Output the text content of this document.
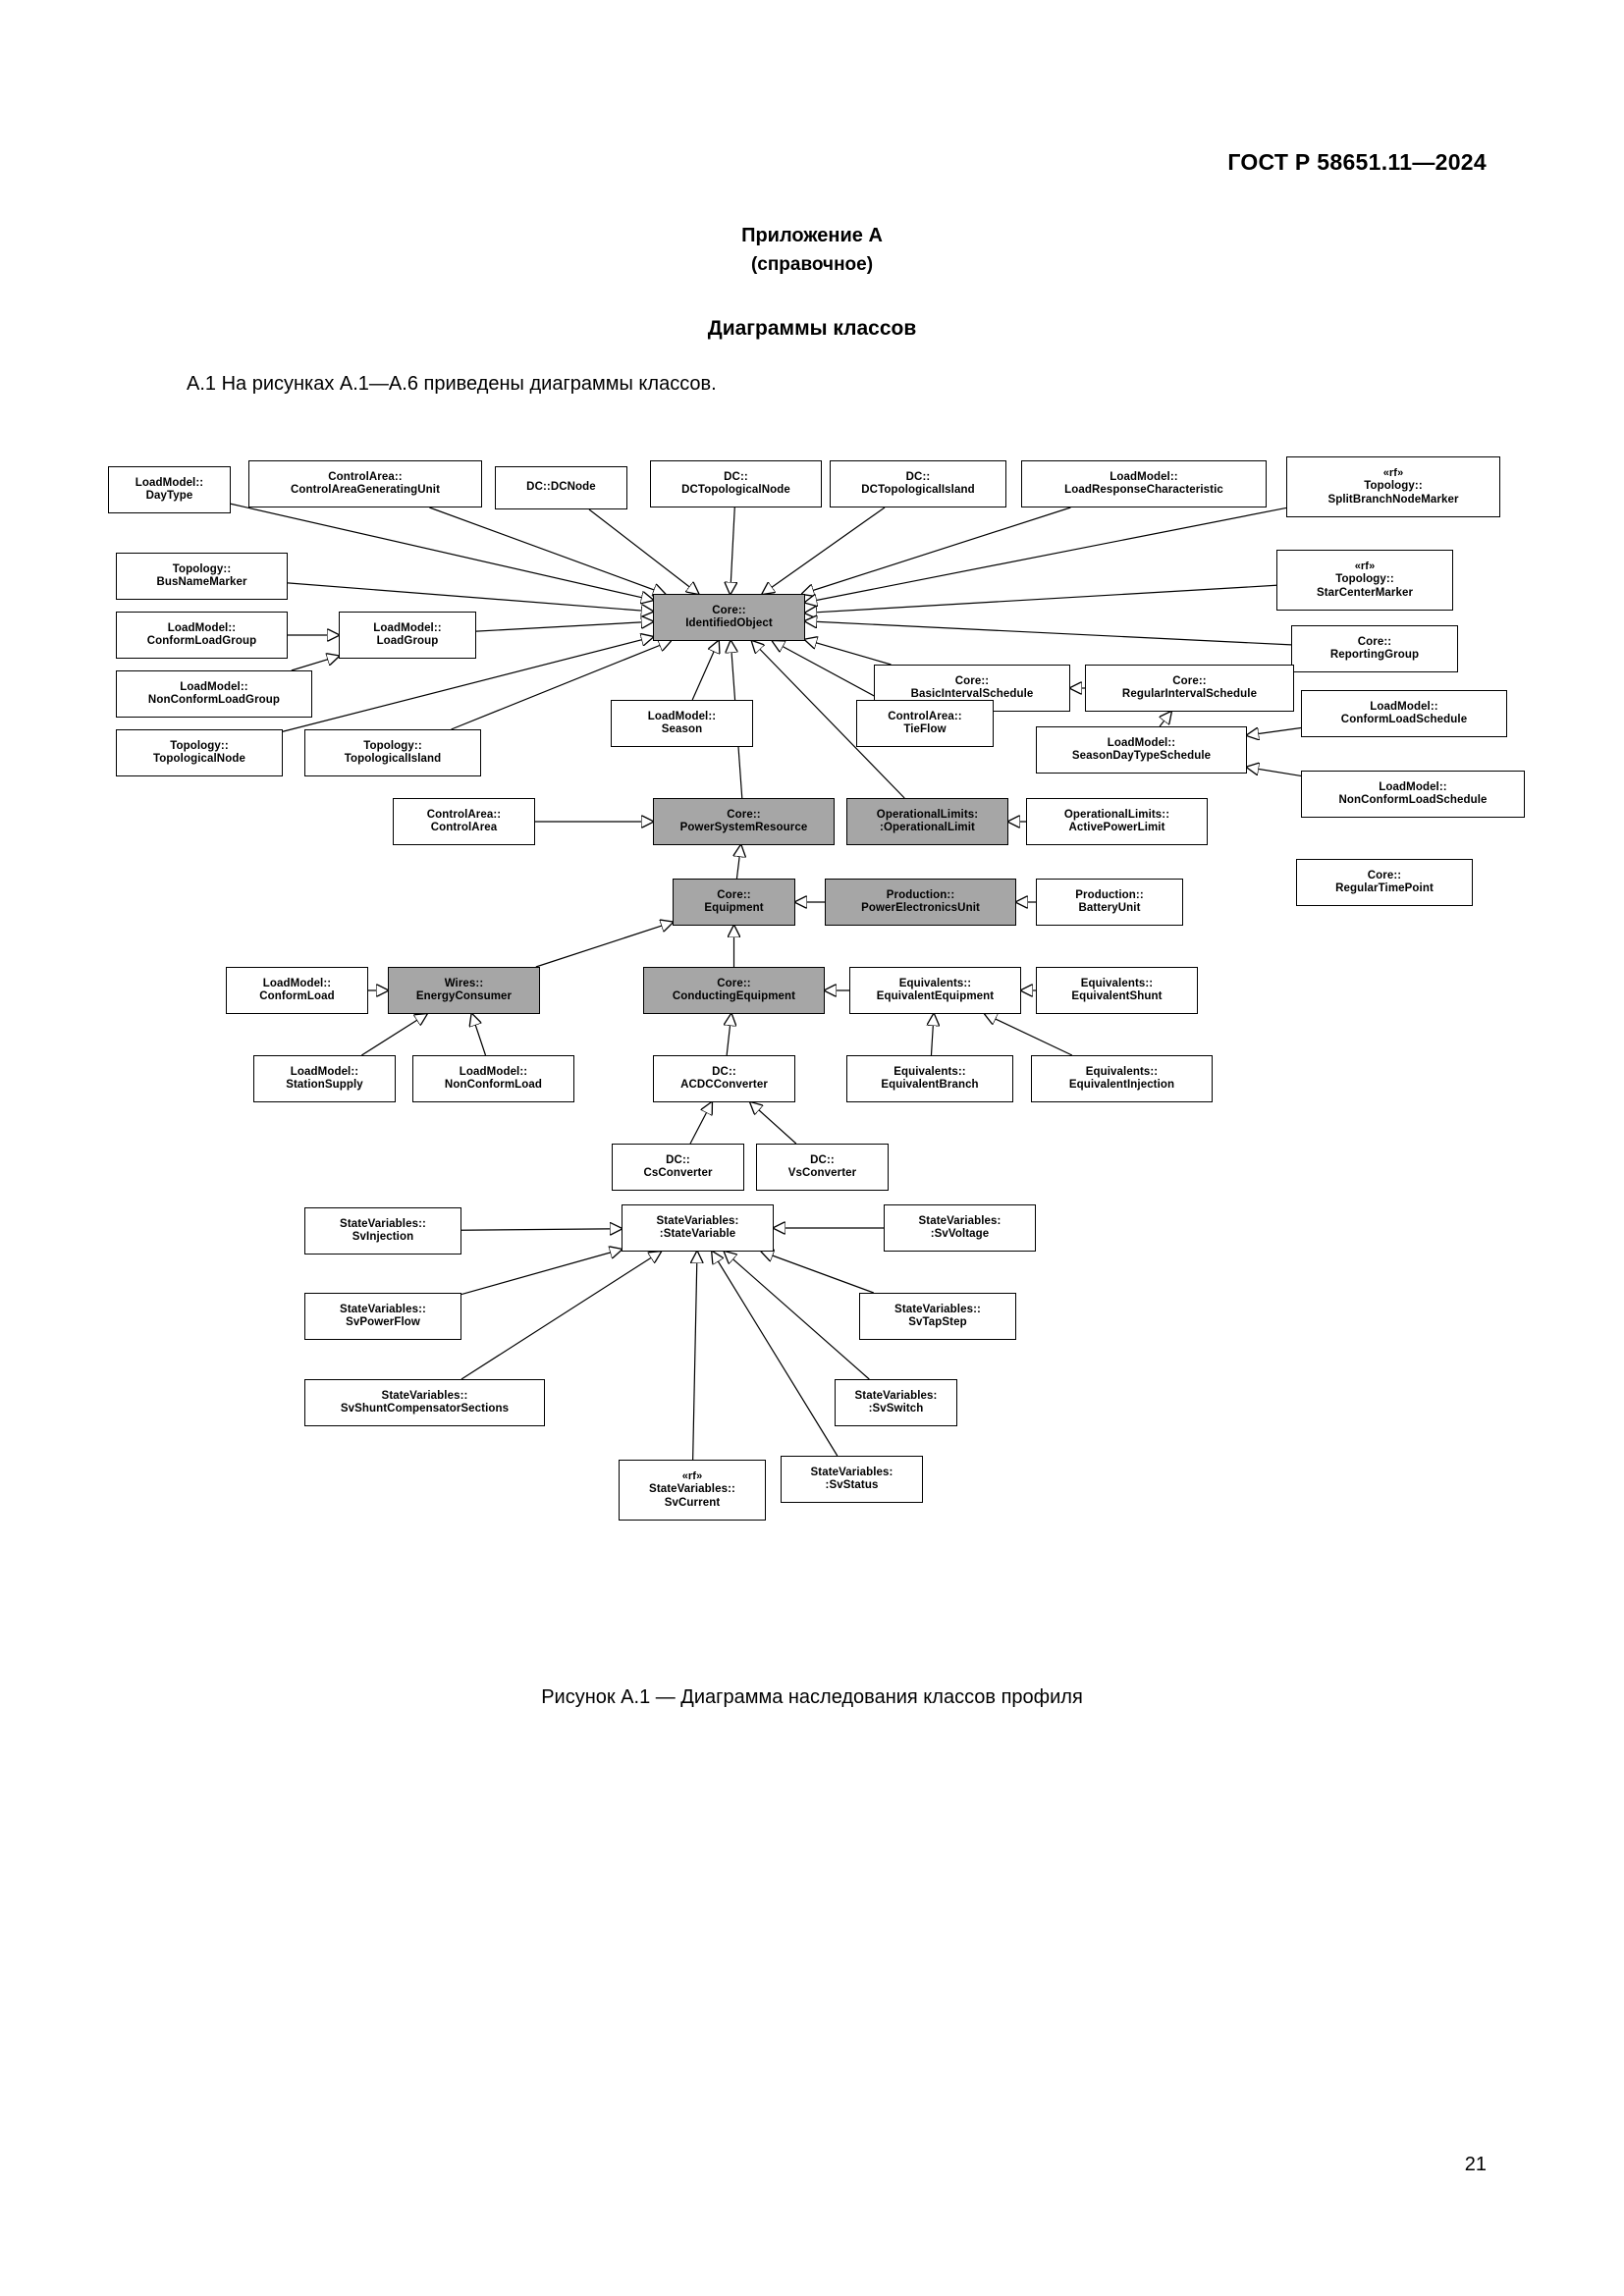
ГОСТ Р 58651.11—2024
Приложение А
(справочное)
Диаграммы классов
А.1 На рисунках А.1—А.6 приведены диаграммы классов.
LoadModel::
DayType
ControlArea::
ControlAreaGeneratingUnit	DC::DCNode
DC::
DCTopologicalNode
DC::
DCTopologicalIsland
LoadModel::
LoadResponseCharacteristic
«rf»
Topology::
SplitBranchNodeMarker
Topology::
BusNameMarker
«rf»
Topology::
StarCenterMarker
Core::
IdentifiedObject
LoadModel::
ConformLoadGroup
LoadModel::
LoadGroup	Core::
ReportingGroup
LoadModel::
NonConformLoadGroup
Core::
BasicIntervalSchedule
Core::
RegularIntervalSchedule
LoadModel::
ConformLoadSchedule
LoadModel::
Season
ControlArea::
TieFlow
LoadModel::
SeasonDayTypeSchedule
Topology::
TopologicalNode
Topology::
TopologicalIsland
LoadModel::
NonConformLoadSchedule
ControlArea::
ControlArea
Core::
PowerSystemResource
OperationalLimits:
:OperationalLimit
OperationalLimits::
ActivePowerLimit
Core::
RegularTimePoint
Core::
Equipment
Production::
PowerElectronicsUnit
Production::
BatteryUnit
LoadModel::
ConformLoad
Wires::
EnergyConsumer
Core::
ConductingEquipment
Equivalents::
EquivalentEquipment
Equivalents::
EquivalentShunt
LoadModel::
StationSupply
LoadModel::
NonConformLoad
DC::
ACDCConverter
Equivalents::
EquivalentBranch
Equivalents::
EquivalentInjection
DC::
CsConverter
DC::
VsConverter
StateVariables::
SvInjection
StateVariables:
:StateVariable
StateVariables:
:SvVoltage
StateVariables::
SvPowerFlow
StateVariables::
SvTapStep
StateVariables::
SvShuntCompensatorSections
StateVariables:
:SvSwitch
«rf»
StateVariables::
SvCurrent
StateVariables:
:SvStatus
Рисунок А.1 — Диаграмма наследования классов профиля
21
